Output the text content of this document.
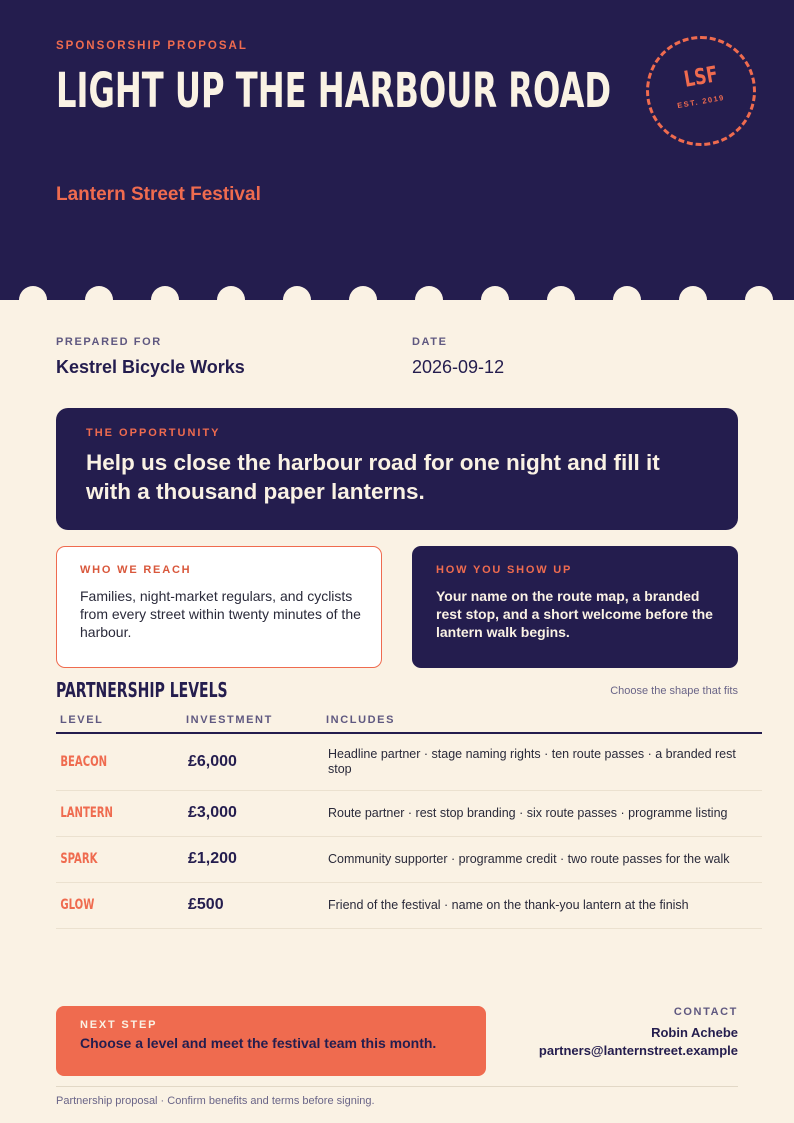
SPONSORSHIP PROPOSAL
LIGHT UP THE HARBOUR ROAD
Lantern Street Festival
LSF
EST. 2019
PREPARED FOR
Kestrel Bicycle Works
DATE
2026-09-12
THE OPPORTUNITY
Help us close the harbour road for one night and fill it with a thousand paper lanterns.
WHO WE REACH
Families, night-market regulars, and cyclists from every street within twenty minutes of the harbour.
HOW YOU SHOW UP
Your name on the route map, a branded rest stop, and a short welcome before the lantern walk begins.
PARTNERSHIP LEVELS	Choose the shape that fits
LEVEL	INVESTMENT	INCLUDES
BEACON	£6,000	Headline partner · stage naming rights · ten route passes · a branded rest stop
LANTERN	£3,000	Route partner · rest stop branding · six route passes · programme listing
SPARK	£1,200	Community supporter · programme credit · two route passes for the walk
GLOW	£500	Friend of the festival · name on the thank-you lantern at the finish
NEXT STEP
Choose a level and meet the festival team this month.
CONTACT
Robin Achebe
partners@lanternstreet.example
Partnership proposal · Confirm benefits and terms before signing.
